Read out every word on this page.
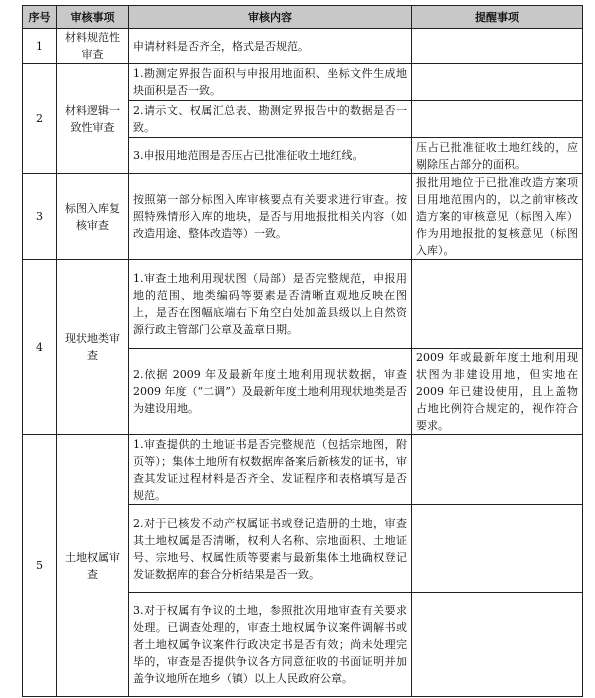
序号	审核事项	审核内容	提醒事项
1	材料规范性审查	申请材料是否齐全，格式是否规范。	
2	材料逻辑一致性审查	1.勘测定界报告面积与申报用地面积、坐标文件生成地块面积是否一致。	
		2.请示文、权属汇总表、勘测定界报告中的数据是否一致。	
		3.申报用地范围是否压占已批准征收土地红线。	压占已批准征收土地红线的，应剔除压占部分的面积。
3	标图入库复核审查	按照第一部分标图入库审核要点有关要求进行审查。按照特殊情形入库的地块，是否与用地报批相关内容（如改造用途、整体改造等）一致。	报批用地位于已批准改造方案项目用地范围内的，以之前审核改造方案的审核意见（标图入库）作为用地报批的复核意见（标图入库）。
4	现状地类审查	1.审查土地利用现状图（局部）是否完整规范，申报用地的范围、地类编码等要素是否清晰直观地反映在图上，是否在图幅底端右下角空白处加盖县级以上自然资源行政主管部门公章及盖章日期。	
		2.依据 2009 年及最新年度土地利用现状数据，审查 2009 年度（“二调”）及最新年度土地利用现状地类是否为建设用地。	2009 年或最新年度土地利用现状图为非建设用地，但实地在 2009 年已建设使用，且上盖物占地比例符合规定的，视作符合要求。
5	土地权属审查	1.审查提供的土地证书是否完整规范（包括宗地图，附页等）；集体土地所有权数据库备案后新核发的证书，审查其发证过程材料是否齐全、发证程序和表格填写是否规范。	
		2.对于已核发不动产权属证书或登记造册的土地，审查其土地权属是否清晰，权利人名称、宗地面积、土地证号、宗地号、权属性质等要素与最新集体土地确权登记发证数据库的套合分析结果是否一致。	
		3.对于权属有争议的土地，参照批次用地审查有关要求处理。已调查处理的，审查土地权属争议案件调解书或者土地权属争议案件行政决定书是否有效；尚未处理完毕的，审查是否提供争议各方同意征收的书面证明并加盖争议地所在地乡（镇）以上人民政府公章。	
